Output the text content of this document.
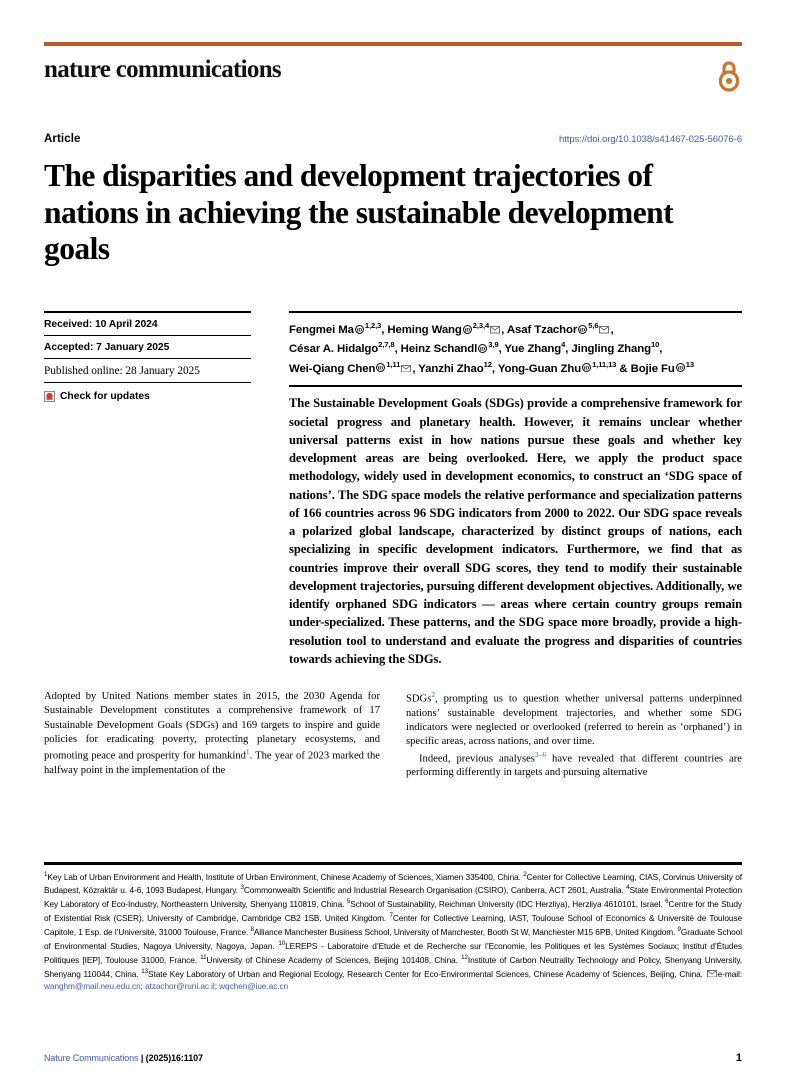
nature communications
Article	https://doi.org/10.1038/s41467-025-56076-6
The disparities and development trajectories of nations in achieving the sustainable development goals
Received: 10 April 2024
Accepted: 7 January 2025
Published online: 28 January 2025
Check for updates
Fengmei Ma iD
$^{1,2,3}$, Heming Wang iD
$^{2,3,4}$ , Asaf Tzachor iD
$^{5,6}$ ,
César A. Hidalgo$^{2,7,8}$, Heinz Schandl iD
$^{3,9}$, Yue Zhang$^4$, Jingling Zhang$^{10}$,
Wei-Qiang Chen iD
$^{1,11}$ , Yanzhi Zhao$^{12}$, Yong-Guan Zhu iD
$^{1,11,13}$ & Bojie Fu iD
$^{13}$
The Sustainable Development Goals (SDGs) provide a comprehensive framework for societal progress and planetary health. However, it remains unclear whether universal patterns exist in how nations pursue these goals and whether key development areas are being overlooked. Here, we apply the product space methodology, widely used in development economics, to construct an ‘SDG space of nations’. The SDG space models the relative performance and specialization patterns of 166 countries across 96 SDG indicators from 2000 to 2022. Our SDG space reveals a polarized global landscape, characterized by distinct groups of nations, each specializing in specific development indicators. Furthermore, we find that as countries improve their overall SDG scores, they tend to modify their sustainable development trajectories, pursuing different development objectives. Additionally, we identify orphaned SDG indicators — areas where certain country groups remain under-specialized. These patterns, and the SDG space more broadly, provide a high-resolution tool to understand and evaluate the progress and disparities of countries towards achieving the SDGs.

Adopted by United Nations member states in 2015, the 2030 Agenda for Sustainable Development constitutes a comprehensive framework of 17 Sustainable Development Goals (SDGs) and 169 targets to inspire and guide policies for eradicating poverty, protecting planetary ecosystems, and promoting peace and prosperity for humankind$^1$. The year of 2023 marked the halfway point in the implementation of the

SDGs$^2$, prompting us to question whether universal patterns underpinned nations’ sustainable development trajectories, and whether some SDG indicators were neglected or overlooked (referred to herein as ‘orphaned’) in specific areas, across nations, and over time.

Indeed, previous analyses$^{3-6}$ have revealed that different countries are performing differently in targets and pursuing alternative

$^1$Key Lab of Urban Environment and Health, Institute of Urban Environment, Chinese Academy of Sciences, Xiamen 335400, China. $^2$Center for Collective Learning, CIAS, Corvinus University of Budapest, Közraktár u. 4-6, 1093 Budapest, Hungary. $^3$Commonwealth Scientific and Industrial Research Organisation (CSIRO), Canberra, ACT 2601, Australia. $^4$State Environmental Protection Key Laboratory of Eco-Industry, Northeastern University, Shenyang 110819, China. $^5$School of Sustainability, Reichman University (IDC Herzliya), Herzliya 4610101, Israel. $^6$Centre for the Study of Existential Risk (CSER), University of Cambridge, Cambridge CB2 1SB, United Kingdom. $^7$Center for Collective Learning, IAST, Toulouse School of Economics & Université de Toulouse Capitole, 1 Esp. de l’Université, 31000 Toulouse, France. $^8$Alliance Manchester Business School, University of Manchester, Booth St W, Manchester M15 6PB, United Kingdom. $^9$Graduate School of Environmental Studies, Nagoya University, Nagoya, Japan. $^{10}$LEREPS - Laboratoire d’Etude et de Recherche sur l’Economie, les Politiques et les Systèmes Sociaux; Institut d’Études Politiques [IEP], Toulouse 31000, France. $^{11}$University of Chinese Academy of Sciences, Beijing 101408, China. $^{12}$Institute of Carbon Neutrality Technology and Policy, Shenyang University, Shenyang 110044, China. $^{13}$State Key Laboratory of Urban and Regional Ecology, Research Center for Eco-Environmental Sciences, Chinese Academy of Sciences, Beijing, China. e-mail: wanghm@mail.neu.edu.cn; atzachor@runi.ac.il; wqchen@iue.ac.cn
Nature Communications | (2025)16:1107	1
